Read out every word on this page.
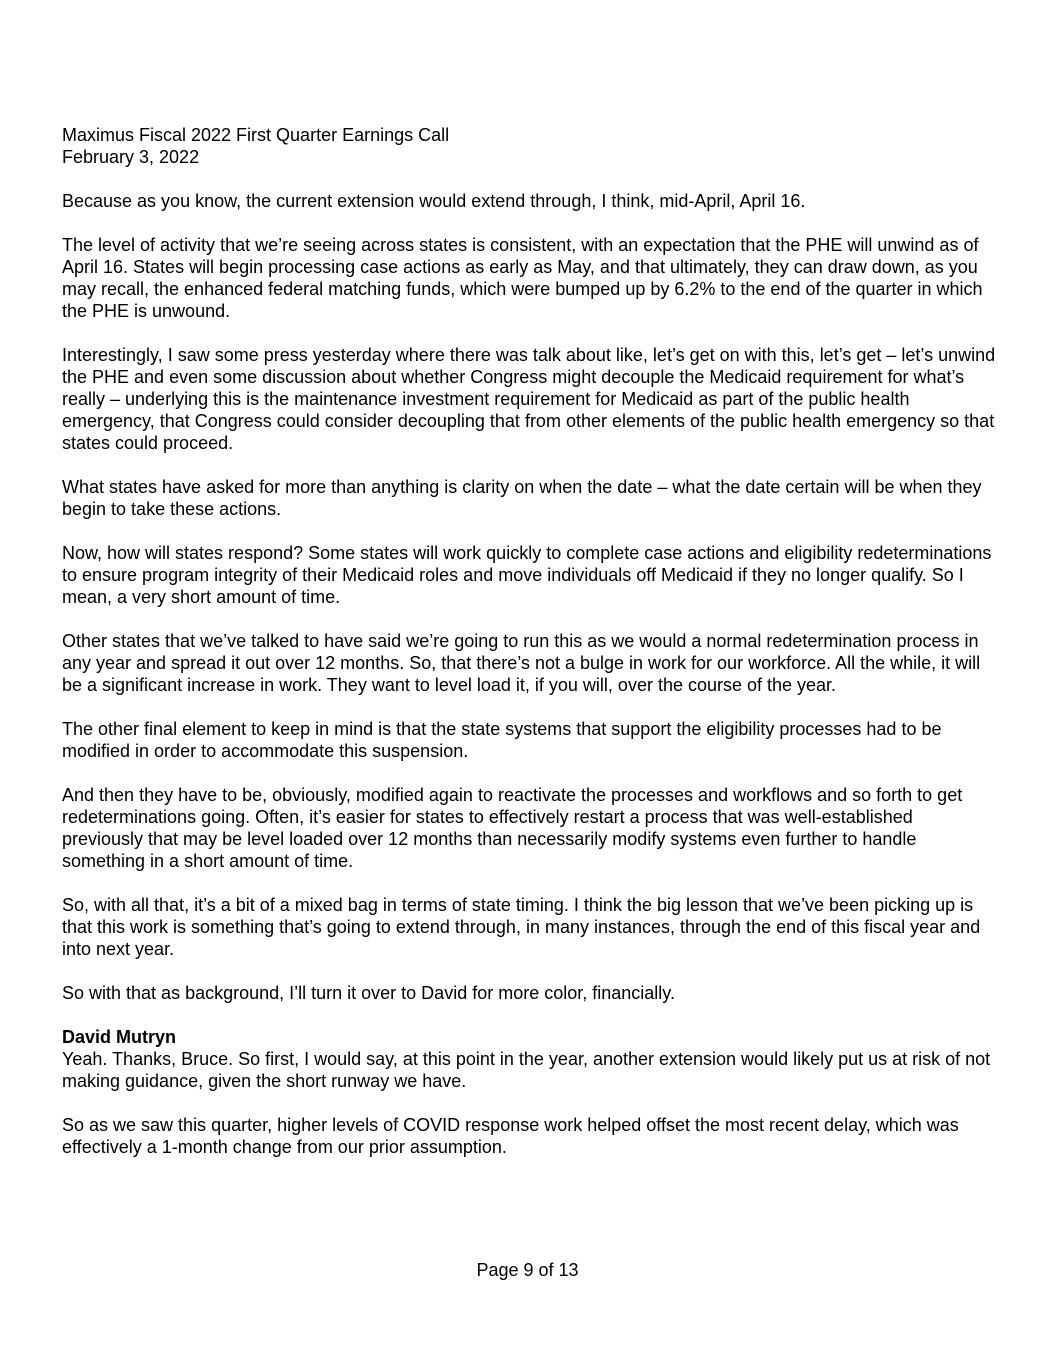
Maximus Fiscal 2022 First Quarter Earnings Call
February 3, 2022

Because as you know, the current extension would extend through, I think, mid-April, April 16.

The level of activity that we’re seeing across states is consistent, with an expectation that the PHE will unwind as of April 16. States will begin processing case actions as early as May, and that ultimately, they can draw down, as you may recall, the enhanced federal matching funds, which were bumped up by 6.2% to the end of the quarter in which the PHE is unwound.

Interestingly, I saw some press yesterday where there was talk about like, let’s get on with this, let’s get – let’s unwind the PHE and even some discussion about whether Congress might decouple the Medicaid requirement for what’s really – underlying this is the maintenance investment requirement for Medicaid as part of the public health emergency, that Congress could consider decoupling that from other elements of the public health emergency so that states could proceed.

What states have asked for more than anything is clarity on when the date – what the date certain will be when they begin to take these actions.

Now, how will states respond? Some states will work quickly to complete case actions and eligibility redeterminations to ensure program integrity of their Medicaid roles and move individuals off Medicaid if they no longer qualify. So I mean, a very short amount of time.

Other states that we’ve talked to have said we’re going to run this as we would a normal redetermination process in any year and spread it out over 12 months. So, that there’s not a bulge in work for our workforce. All the while, it will be a significant increase in work. They want to level load it, if you will, over the course of the year.

The other final element to keep in mind is that the state systems that support the eligibility processes had to be modified in order to accommodate this suspension.

And then they have to be, obviously, modified again to reactivate the processes and workflows and so forth to get redeterminations going. Often, it’s easier for states to effectively restart a process that was well-established previously that may be level loaded over 12 months than necessarily modify systems even further to handle something in a short amount of time.

So, with all that, it’s a bit of a mixed bag in terms of state timing. I think the big lesson that we’ve been picking up is that this work is something that’s going to extend through, in many instances, through the end of this fiscal year and into next year.

So with that as background, I’ll turn it over to David for more color, financially.

David Mutryn
Yeah. Thanks, Bruce. So first, I would say, at this point in the year, another extension would likely put us at risk of not making guidance, given the short runway we have.

So as we saw this quarter, higher levels of COVID response work helped offset the most recent delay, which was effectively a 1-month change from our prior assumption.

Page 9 of 13
